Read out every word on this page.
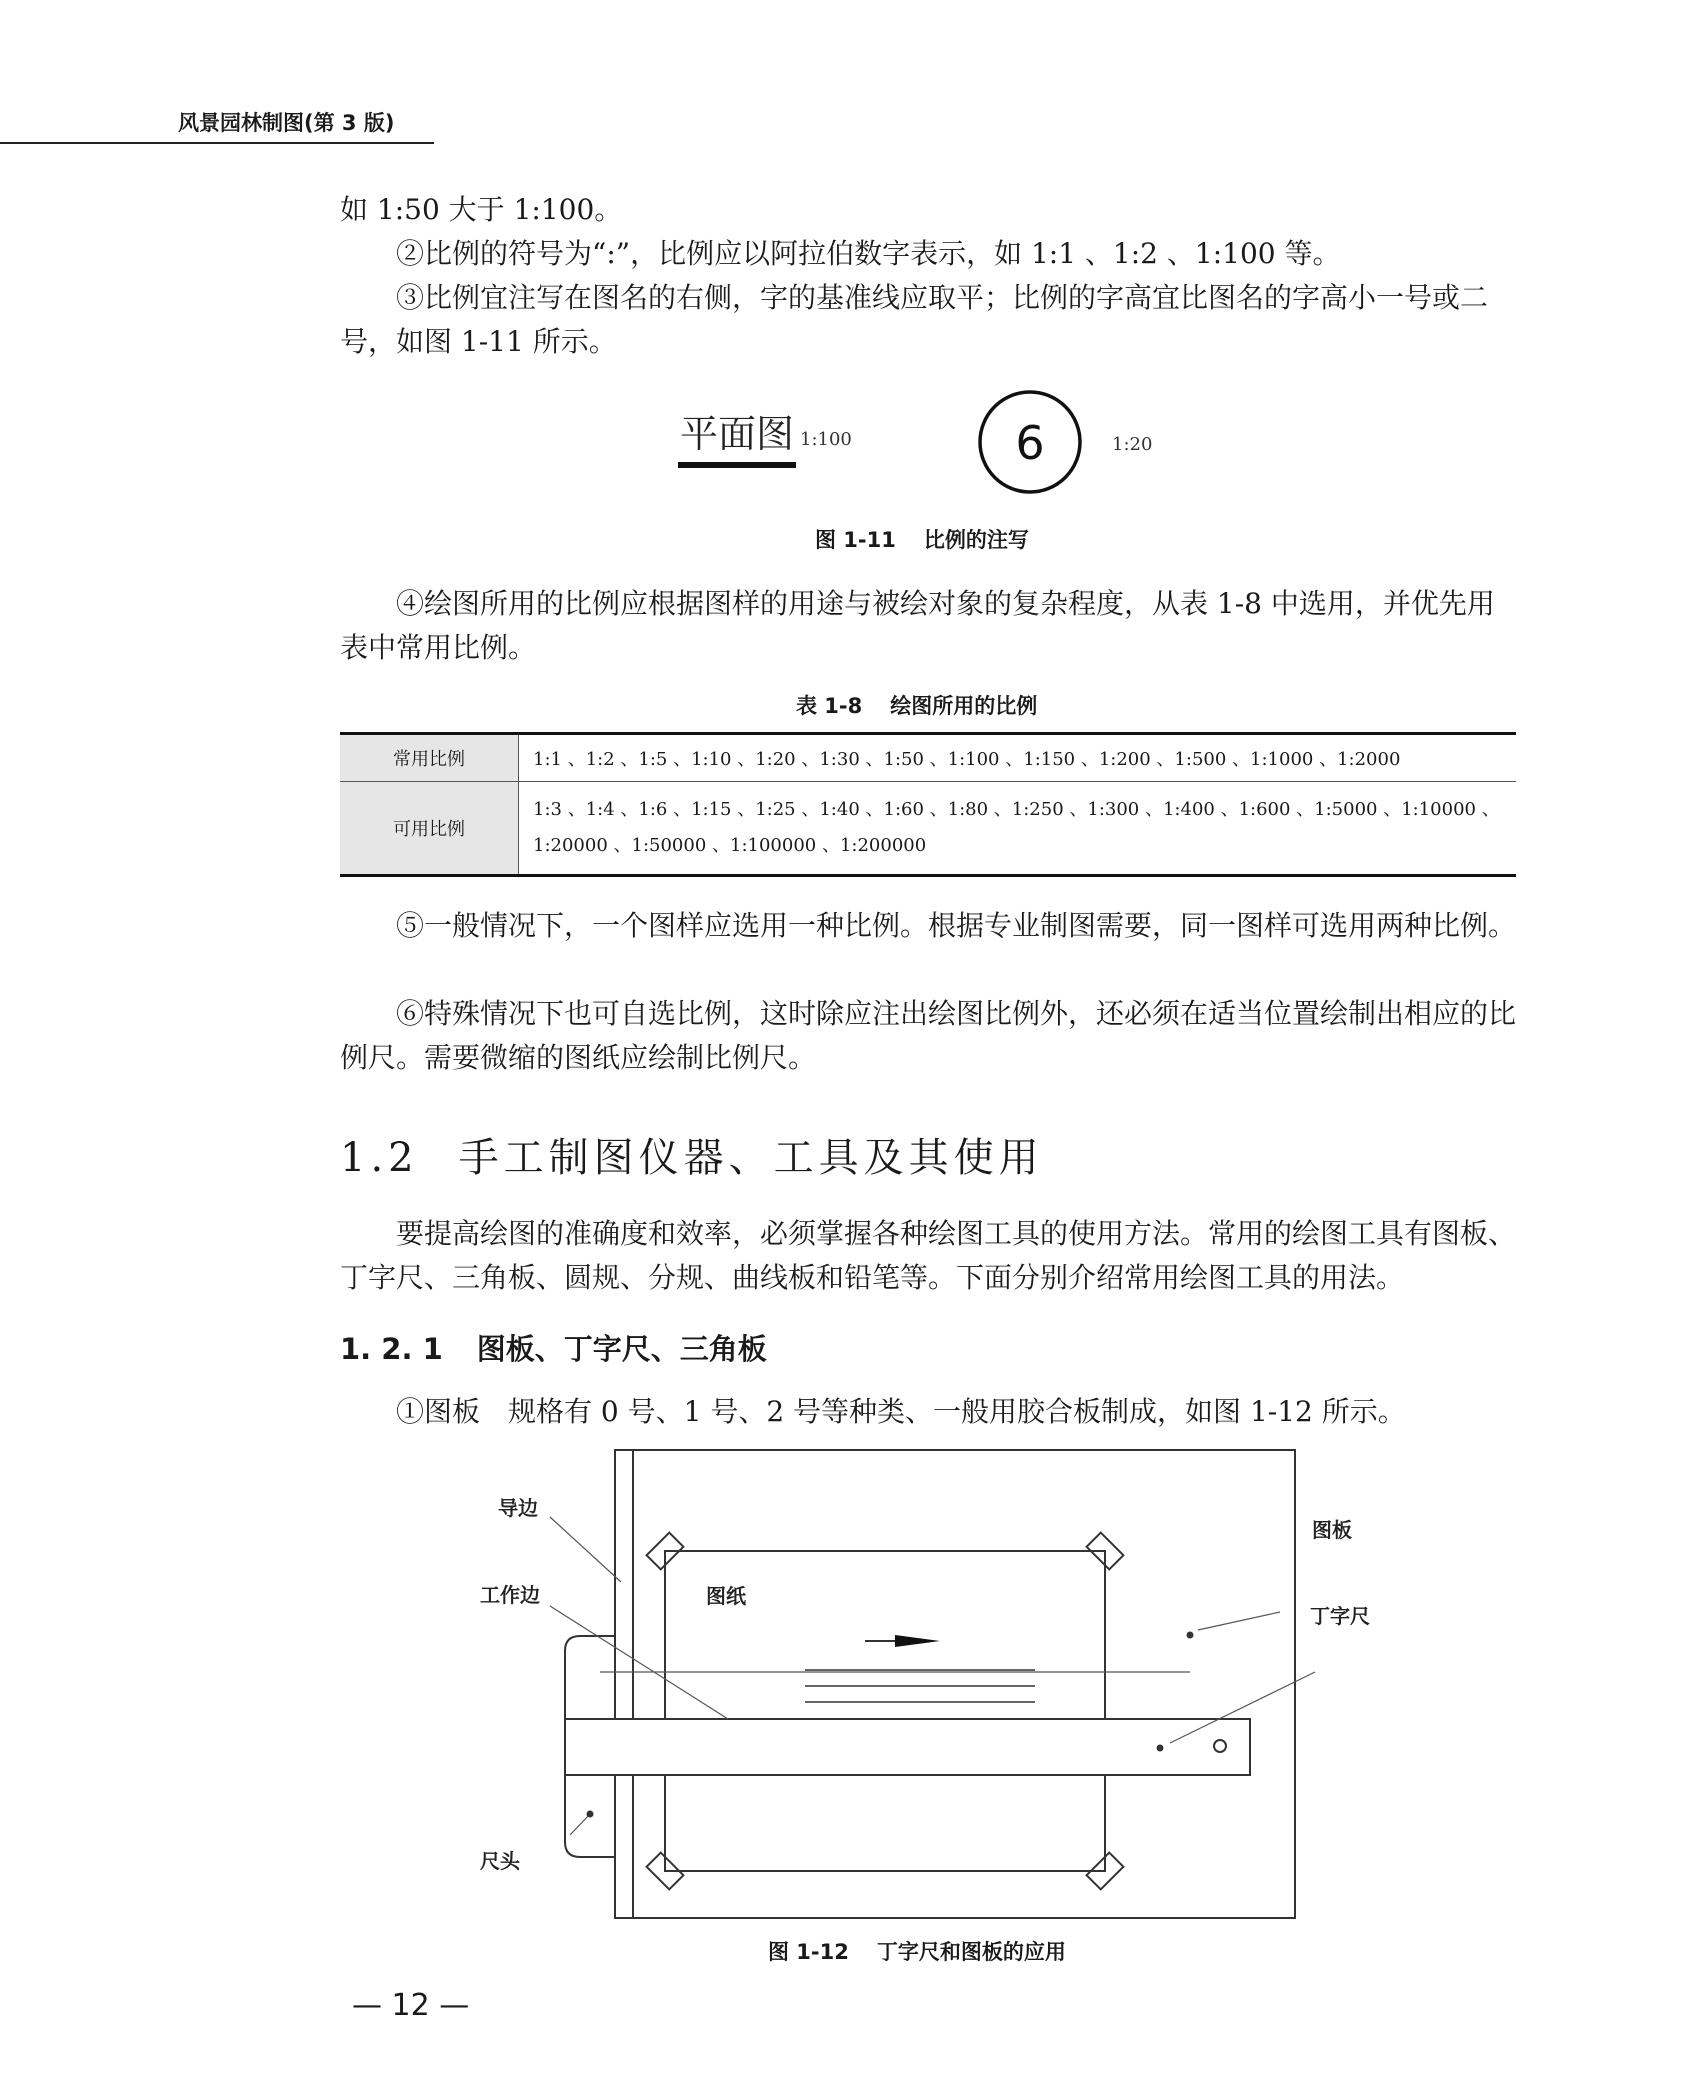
风景园林制图(第 3 版)
如 1:50 大于 1:100。
②比例的符号为“:”，比例应以阿拉伯数字表示，如 1:1 、1:2 、1:100 等。
③比例宜注写在图名的右侧，字的基准线应取平；比例的字高宜比图名的字高小一号或二号，如图 1-11 所示。
平面图 1:100	6	1:20
图 1-11 比例的注写
④绘图所用的比例应根据图样的用途与被绘对象的复杂程度，从表 1-8 中选用，并优先用表中常用比例。
表 1-8 绘图所用的比例
常用比例	1:1 、1:2 、1:5 、1:10 、1:20 、1:30 、1:50 、1:100 、1:150 、1:200 、1:500 、1:1000 、1:2000
可用比例	1:3 、1:4 、1:6 、1:15 、1:25 、1:40 、1:60 、1:80 、1:250 、1:300 、1:400 、1:600 、1:5000 、1:10000 、
1:20000 、1:50000 、1:100000 、1:200000
⑤一般情况下，一个图样应选用一种比例。根据专业制图需要，同一图样可选用两种比例。
⑥特殊情况下也可自选比例，这时除应注出绘图比例外，还必须在适当位置绘制出相应的比例尺。需要微缩的图纸应绘制比例尺。
1.2 手工制图仪器、工具及其使用
要提高绘图的准确度和效率，必须掌握各种绘图工具的使用方法。常用的绘图工具有图板、丁字尺、三角板、圆规、分规、曲线板和铅笔等。下面分别介绍常用绘图工具的用法。
1. 2. 1 图板、丁字尺、三角板
①图板　规格有 0 号、1 号、2 号等种类、一般用胶合板制成，如图 1-12 所示。
导边
工作边	图纸
图板
丁字尺
尺头
图 1-12 丁字尺和图板的应用
— 12 —
